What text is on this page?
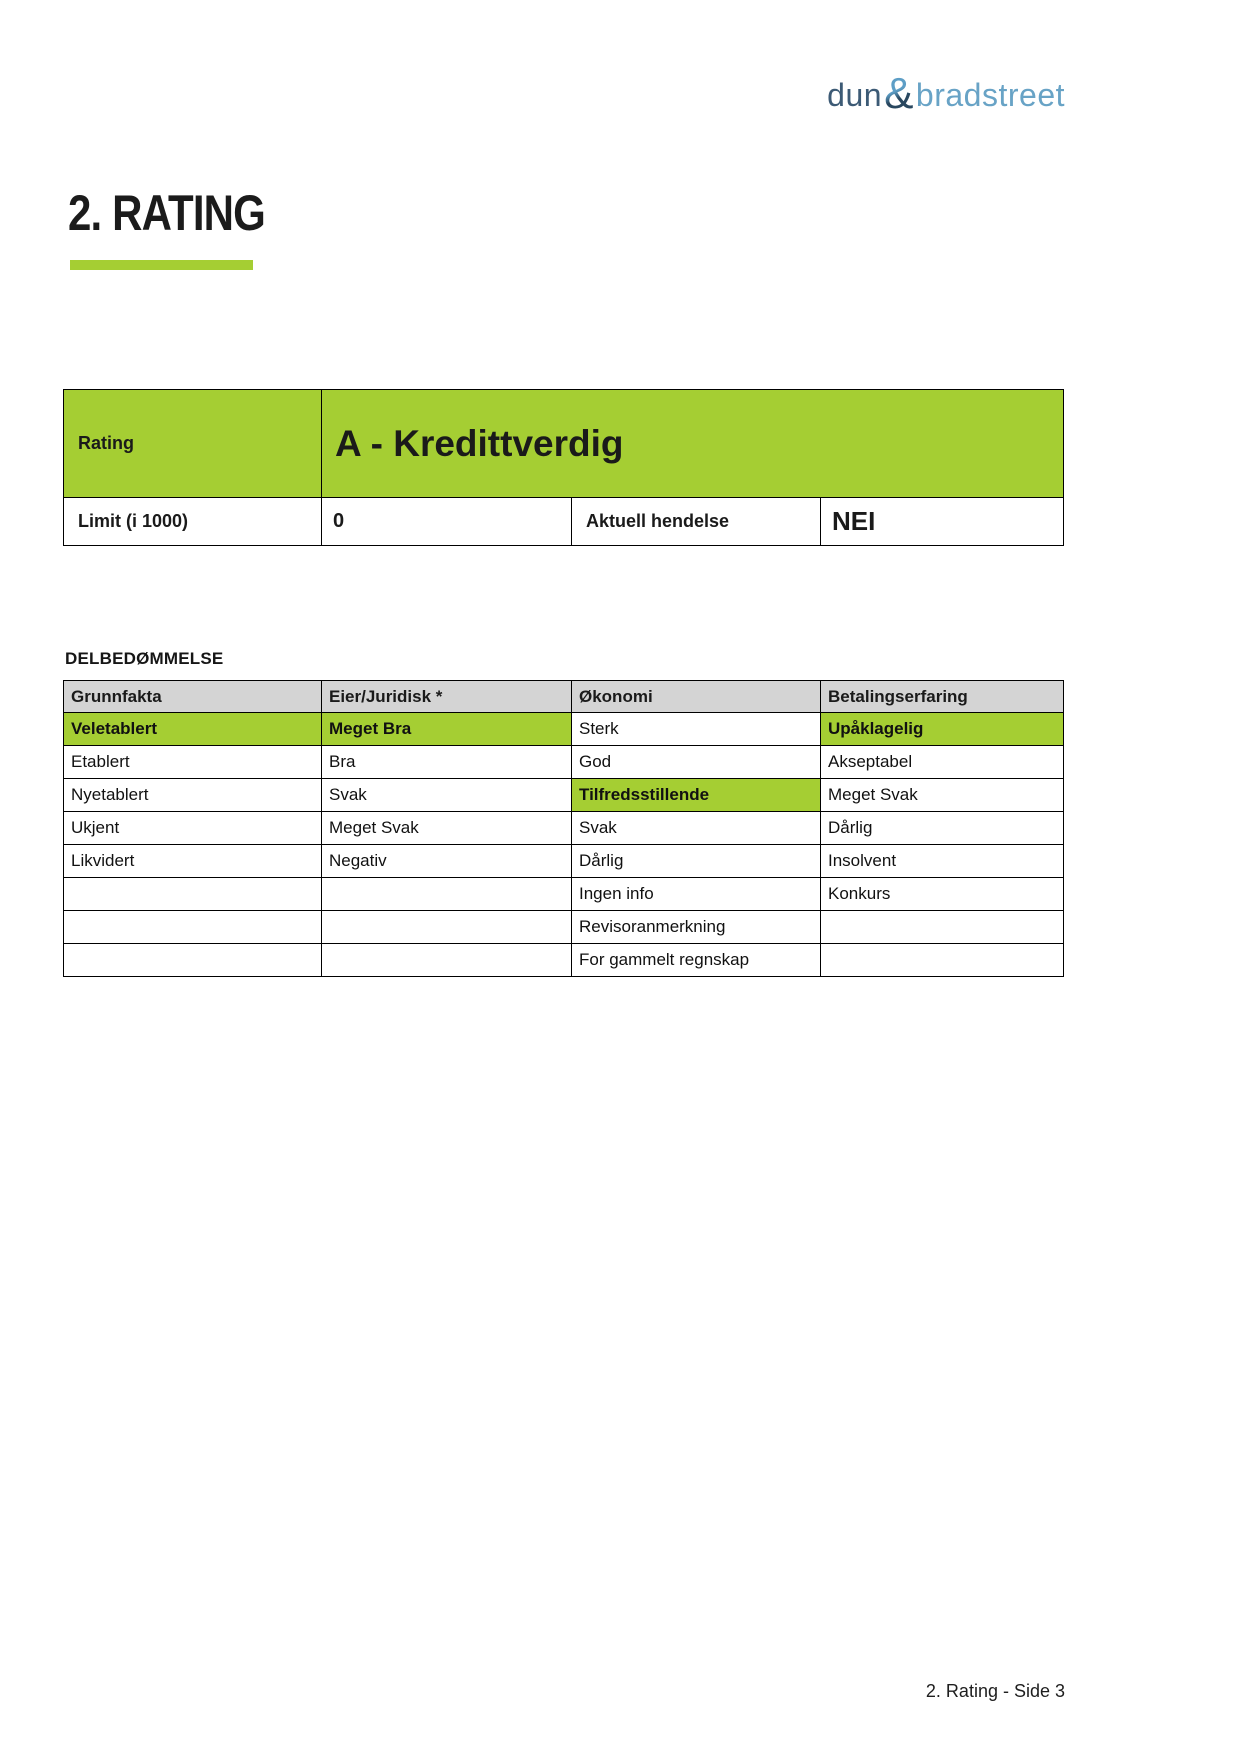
dun & bradstreet
2. RATING
Rating	A - Kredittverdig		
Limit (i 1000)	0	Aktuell hendelse	NEI
DELBEDØMMELSE
Grunnfakta	Eier/Juridisk *	Økonomi	Betalingserfaring
Veletablert	Meget Bra	Sterk	Upåklagelig
Etablert	Bra	God	Akseptabel
Nyetablert	Svak	Tilfredsstillende	Meget Svak
Ukjent	Meget Svak	Svak	Dårlig
Likvidert	Negativ	Dårlig	Insolvent
		Ingen info	Konkurs
		Revisoranmerkning	
		For gammelt regnskap	
2. Rating - Side 3
